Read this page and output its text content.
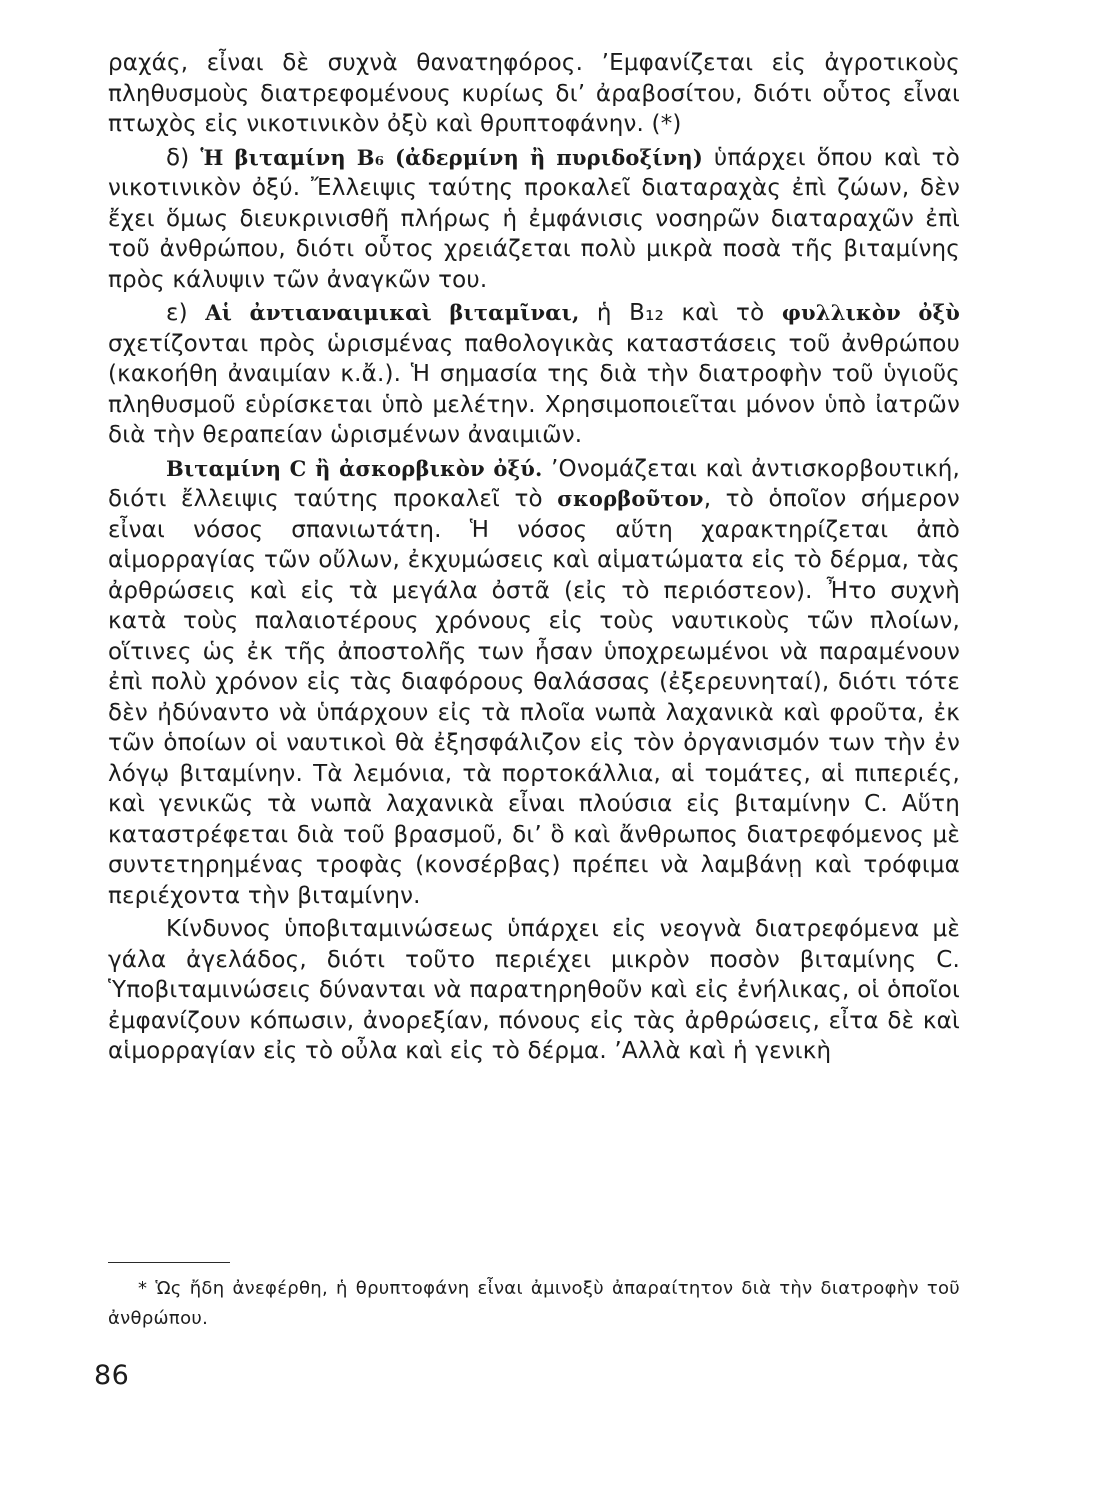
ραχάς, εἶναι δὲ συχνὰ θανατηφόρος. ’Εμφανίζεται εἰς ἀγροτικοὺς πληθυσμοὺς διατρεφομένους κυρίως δι’ ἀραβοσίτου, διότι οὗτος εἶναι πτωχὸς εἰς νικοτινικὸν ὀξὺ καὶ θρυπτοφάνην. (*)

δ) Ἡ βιταμίνη Β₆ (ἀδερμίνη ἢ πυριδοξίνη) ὑπάρχει ὅπου καὶ τὸ νικοτινικὸν ὀξύ. Ἔλλειψις ταύτης προκαλεῖ διαταραχὰς ἐπὶ ζώων, δὲν ἔχει ὅμως διευκρινισθῆ πλήρως ἡ ἐμφάνισις νοσηρῶν διαταραχῶν ἐπὶ τοῦ ἀνθρώπου, διότι οὗτος χρειάζεται πολὺ μικρὰ ποσὰ τῆς βιταμίνης πρὸς κάλυψιν τῶν ἀναγκῶν του.

ε) Αἱ ἀντιαναιμικαὶ βιταμῖναι, ἡ Β₁₂ καὶ τὸ φυλλικὸν ὀξὺ σχετίζονται πρὸς ὡρισμένας παθολογικὰς καταστάσεις τοῦ ἀνθρώπου (κακοήθη ἀναιμίαν κ.ἄ.). Ἡ σημασία της διὰ τὴν διατροφὴν τοῦ ὑγιοῦς πληθυσμοῦ εὑρίσκεται ὑπὸ μελέτην. Χρησιμοποιεῖται μόνον ὑπὸ ἰατρῶν διὰ τὴν θεραπείαν ὡρισμένων ἀναιμιῶν.

Βιταμίνη C ἢ ἀσκορβικὸν ὀξύ. ’Ονομάζεται καὶ ἀντισκορβουτική, διότι ἔλλειψις ταύτης προκαλεῖ τὸ σκορβοῦτον, τὸ ὁποῖον σήμερον εἶναι νόσος σπανιωτάτη. Ἡ νόσος αὕτη χαρακτηρίζεται ἀπὸ αἱμορραγίας τῶν οὔλων, ἐκχυμώσεις καὶ αἱματώματα εἰς τὸ δέρμα, τὰς ἀρθρώσεις καὶ εἰς τὰ μεγάλα ὀστᾶ (εἰς τὸ περιόστεον). Ἦτο συχνὴ κατὰ τοὺς παλαιοτέρους χρόνους εἰς τοὺς ναυτικοὺς τῶν πλοίων, οἵτινες ὡς ἐκ τῆς ἀποστολῆς των ἦσαν ὑποχρεωμένοι νὰ παραμένουν ἐπὶ πολὺ χρόνον εἰς τὰς διαφόρους θαλάσσας (ἐξερευνηταί), διότι τότε δὲν ἠδύναντο νὰ ὑπάρχουν εἰς τὰ πλοῖα νωπὰ λαχανικὰ καὶ φροῦτα, ἐκ τῶν ὁποίων οἱ ναυτικοὶ θὰ ἐξησφάλιζον εἰς τὸν ὀργανισμόν των τὴν ἐν λόγῳ βιταμίνην. Τὰ λεμόνια, τὰ πορτοκάλλια, αἱ τομάτες, αἱ πιπεριές, καὶ γενικῶς τὰ νωπὰ λαχανικὰ εἶναι πλούσια εἰς βιταμίνην C. Αὕτη καταστρέφεται διὰ τοῦ βρασμοῦ, δι’ ὃ καὶ ἄνθρωπος διατρεφόμενος μὲ συντετηρημένας τροφὰς (κονσέρβας) πρέπει νὰ λαμβάνῃ καὶ τρόφιμα περιέχοντα τὴν βιταμίνην.

Κίνδυνος ὑποβιταμινώσεως ὑπάρχει εἰς νεογνὰ διατρεφόμενα μὲ γάλα ἀγελάδος, διότι τοῦτο περιέχει μικρὸν ποσὸν βιταμίνης C. Ὑποβιταμινώσεις δύνανται νὰ παρατηρηθοῦν καὶ εἰς ἐνήλικας, οἱ ὁποῖοι ἐμφανίζουν κόπωσιν, ἀνορεξίαν, πόνους εἰς τὰς ἀρθρώσεις, εἶτα δὲ καὶ αἱμορραγίαν εἰς τὸ οὖλα καὶ εἰς τὸ δέρμα. ’Αλλὰ καὶ ἡ γενικὴ

* Ὡς ἤδη ἀνεφέρθη, ἡ θρυπτοφάνη εἶναι ἀμινοξὺ ἀπαραίτητον διὰ τὴν διατροφὴν τοῦ ἀνθρώπου.

86
